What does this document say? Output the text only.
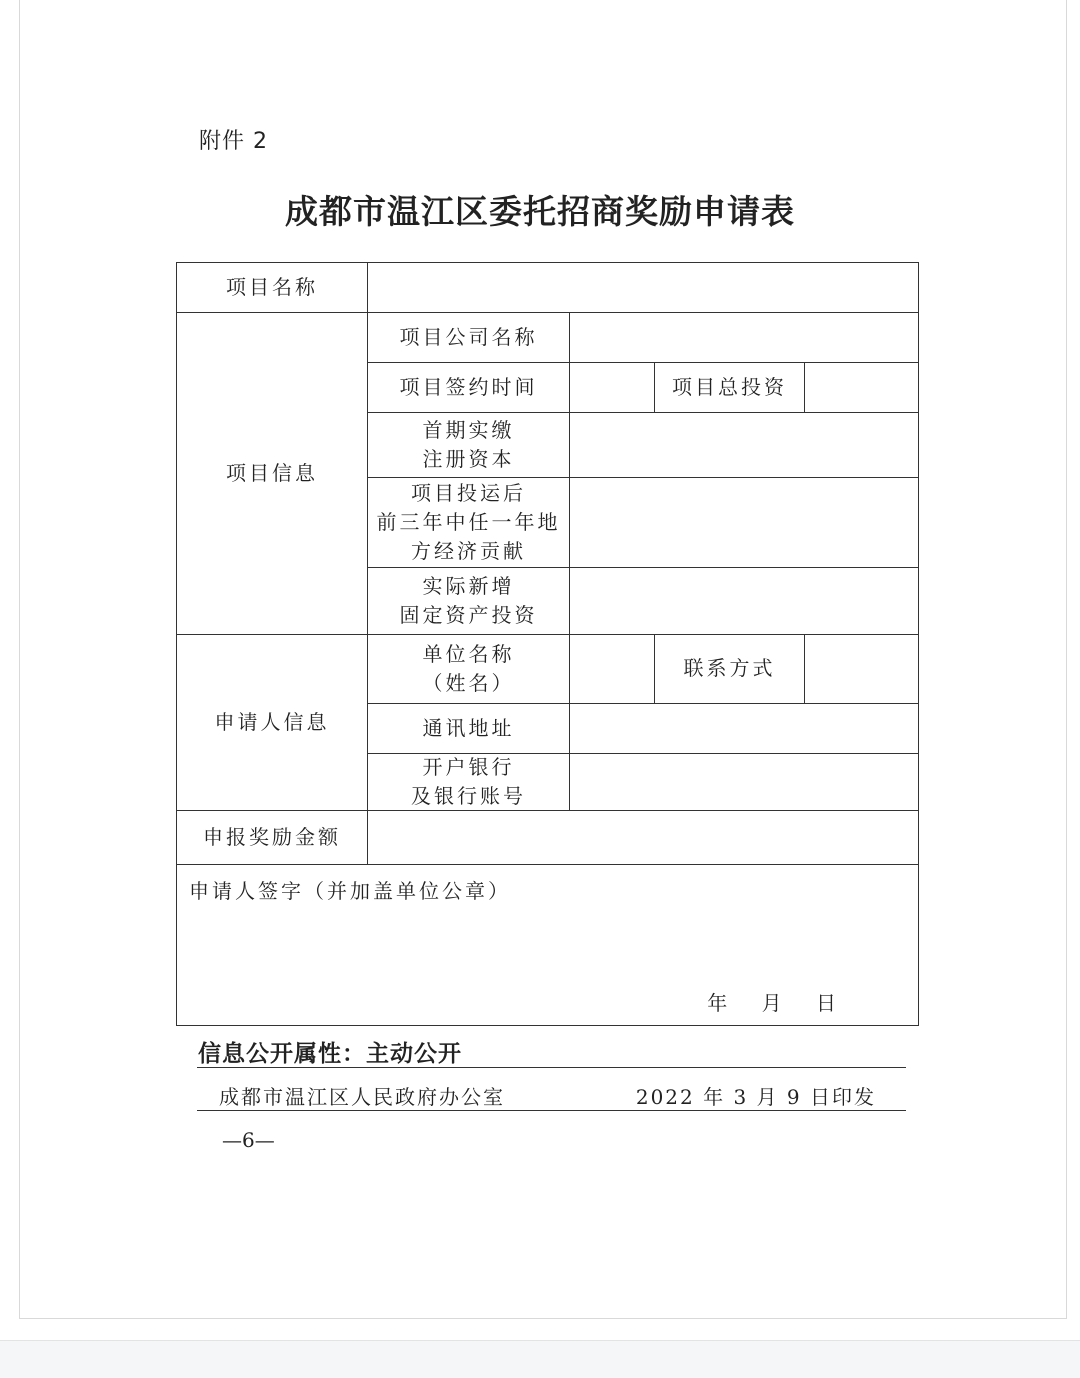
附件 2
成都市温江区委托招商奖励申请表
项目名称
项目信息
项目公司名称
项目签约时间	项目总投资
首期实缴
注册资本
项目投运后
前三年中任一年地
方经济贡献
实际新增
固定资产投资
申请人信息
单位名称
（姓名）
联系方式
通讯地址
开户银行
及银行账号
申报奖励金额
申请人签字（并加盖单位公章）
年 月 日
信息公开属性：主动公开
成都市温江区人民政府办公室	2022 年 3 月 9 日印发
—6—
